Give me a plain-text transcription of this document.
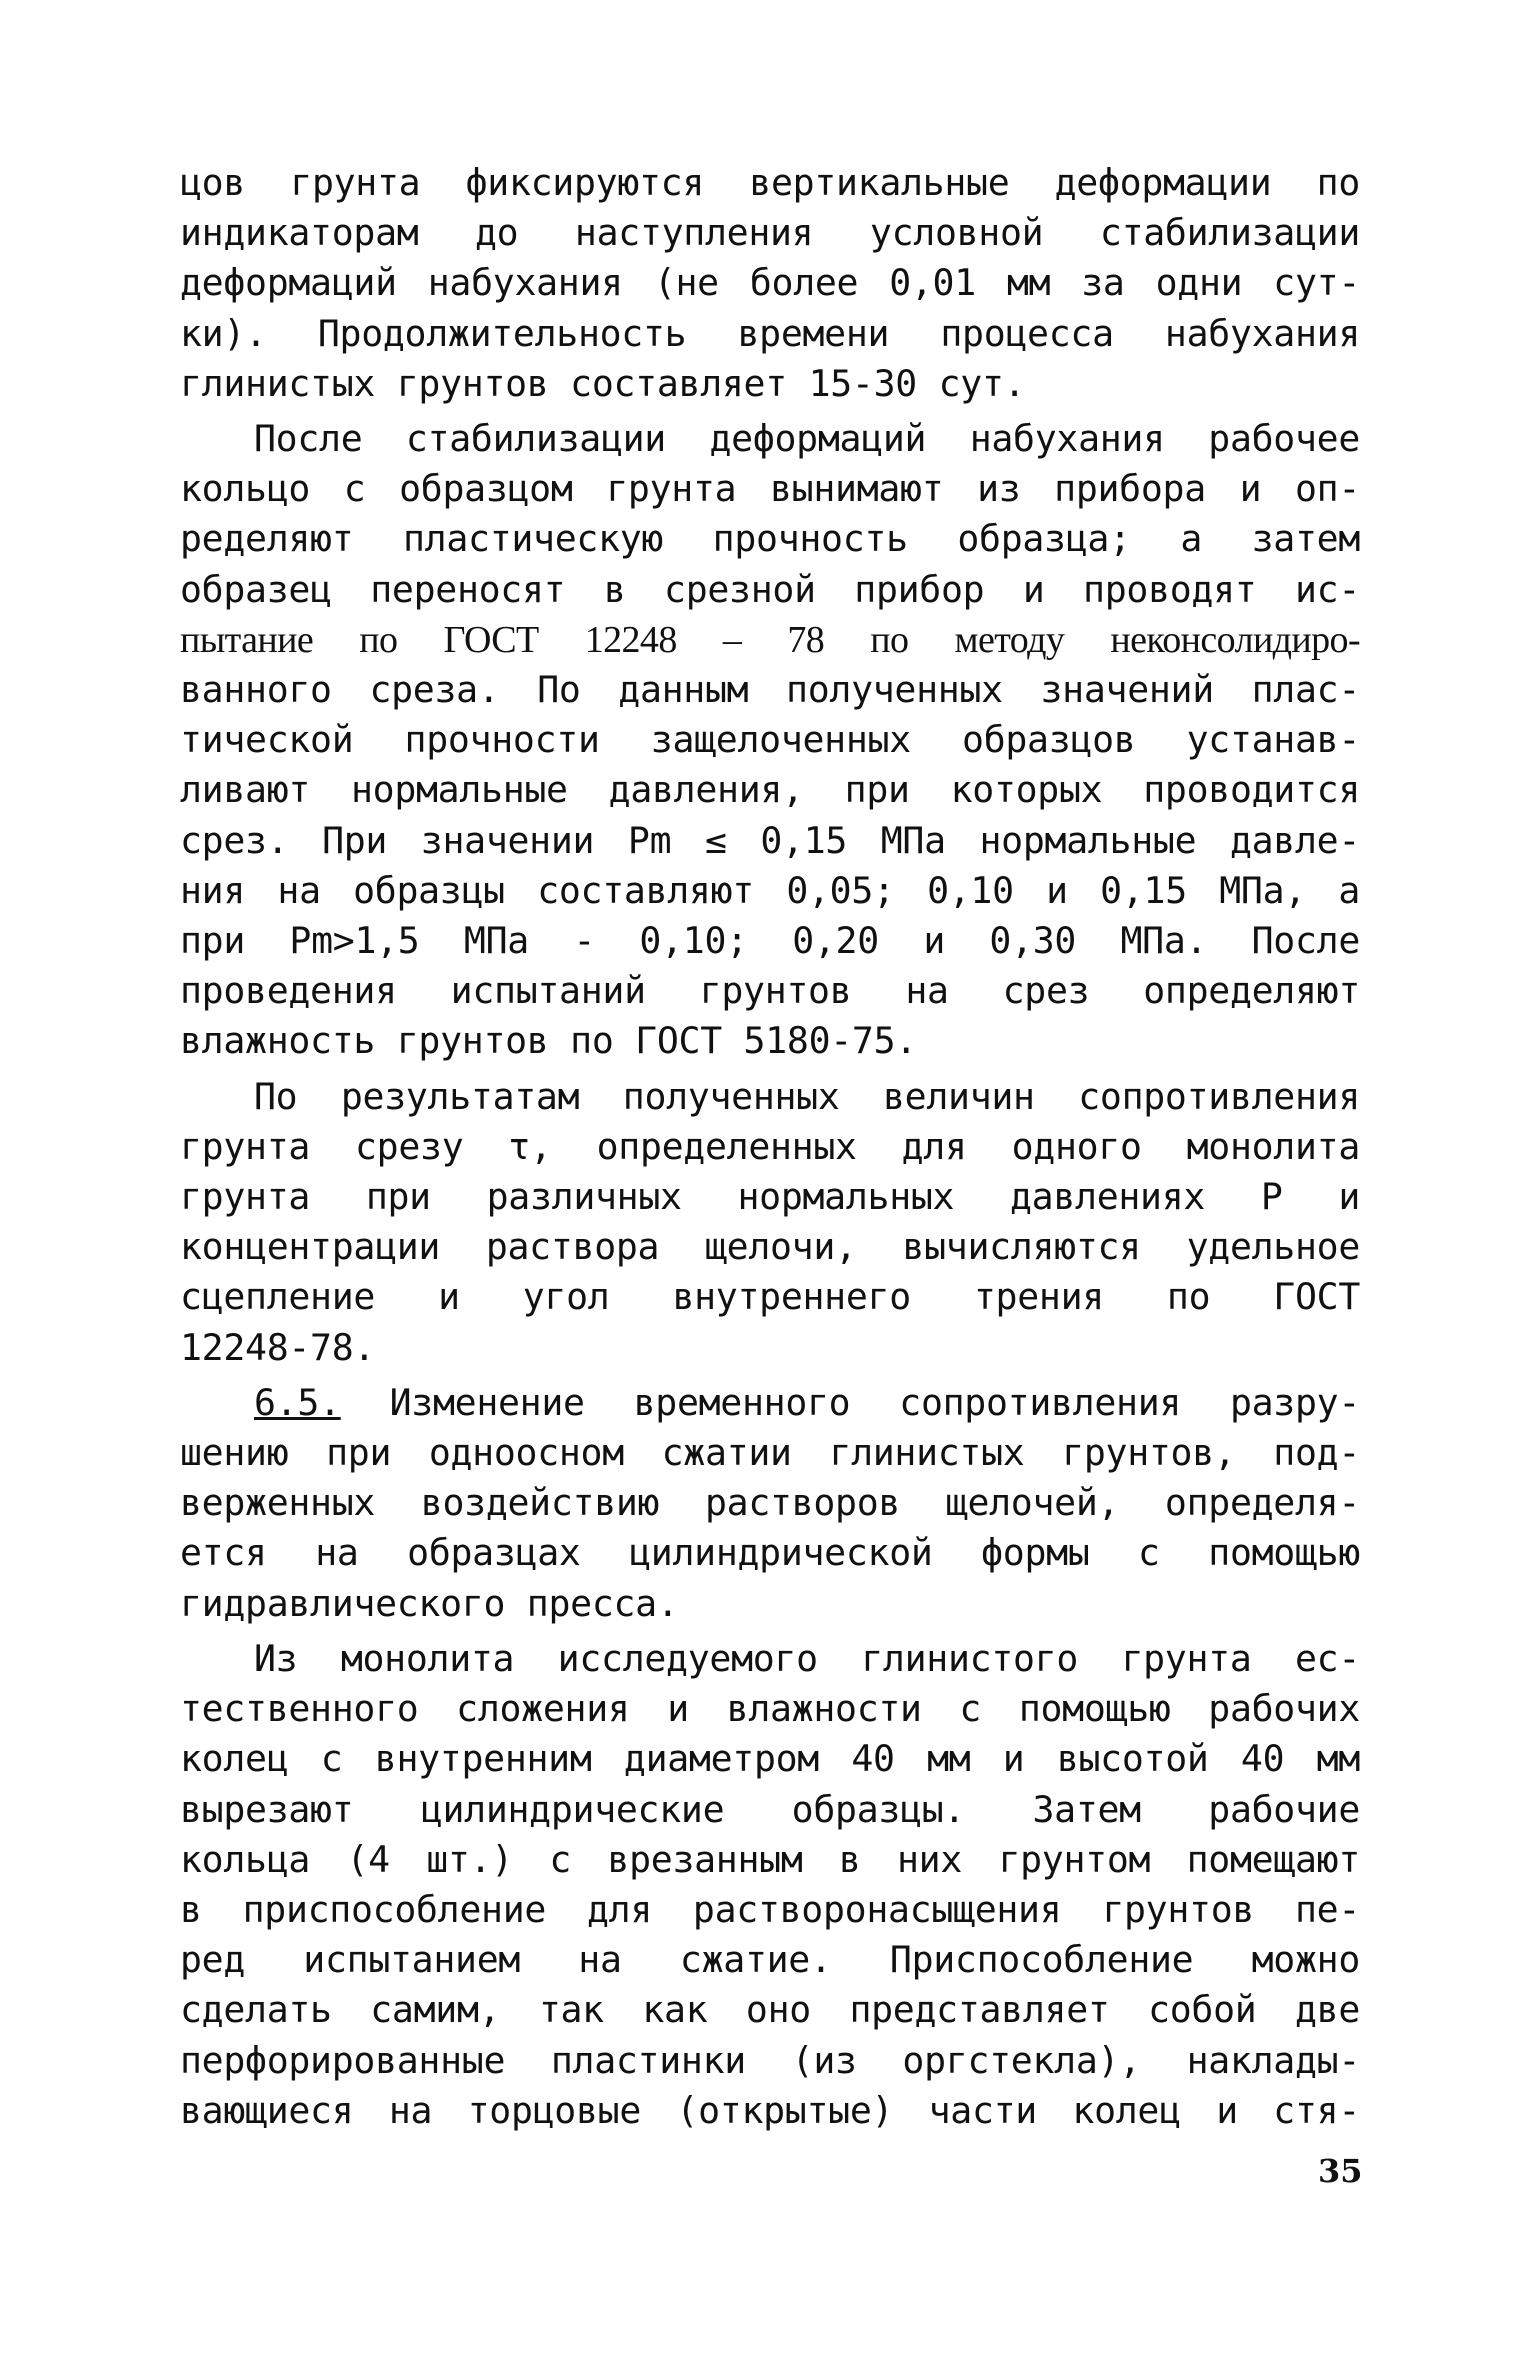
цов грунта фиксируются вертикальные деформации по
индикаторам до наступления условной стабилизации
деформаций набухания (не более 0,01 мм за одни сут-
ки). Продолжительность времени процесса набухания
глинистых грунтов составляет 15-30 сут.
После стабилизации деформаций набухания рабочее
кольцо с образцом грунта вынимают из прибора и оп-
ределяют пластическую прочность образца; а затем
образец переносят в срезной прибор и проводят ис-
пытание по ГОСТ 12248 – 78 по методу неконсолидиро-
ванного среза. По данным полученных значений плас-
тической прочности защелоченных образцов устанав-
ливают нормальные давления, при которых проводится
срез. При значении Pm ≤ 0,15 МПа нормальные давле-
ния на образцы составляют 0,05; 0,10 и 0,15 МПа, а
при Pm>1,5 МПа - 0,10; 0,20 и 0,30 МПа. После
проведения испытаний грунтов на срез определяют
влажность грунтов по ГОСТ 5180-75.
По результатам полученных величин сопротивления
грунта срезу τ, определенных для одного монолита
грунта при различных нормальных давлениях P и
концентрации раствора щелочи, вычисляются удельное
сцепление и угол внутреннего трения по ГОСТ
12248-78.
6.5. Изменение временного сопротивления разру-
шению при одноосном сжатии глинистых грунтов, под-
верженных воздействию растворов щелочей, определя-
ется на образцах цилиндрической формы с помощью
гидравлического пресса.
Из монолита исследуемого глинистого грунта ес-
тественного сложения и влажности с помощью рабочих
колец с внутренним диаметром 40 мм и высотой 40 мм
вырезают цилиндрические образцы. Затем рабочие
кольца (4 шт.) с врезанным в них грунтом помещают
в приспособление для растворонасыщения грунтов пе-
ред испытанием на сжатие. Приспособление можно
сделать самим, так как оно представляет собой две
перфорированные пластинки (из оргстекла), наклады-
вающиеся на торцовые (открытые) части колец и стя-
35
